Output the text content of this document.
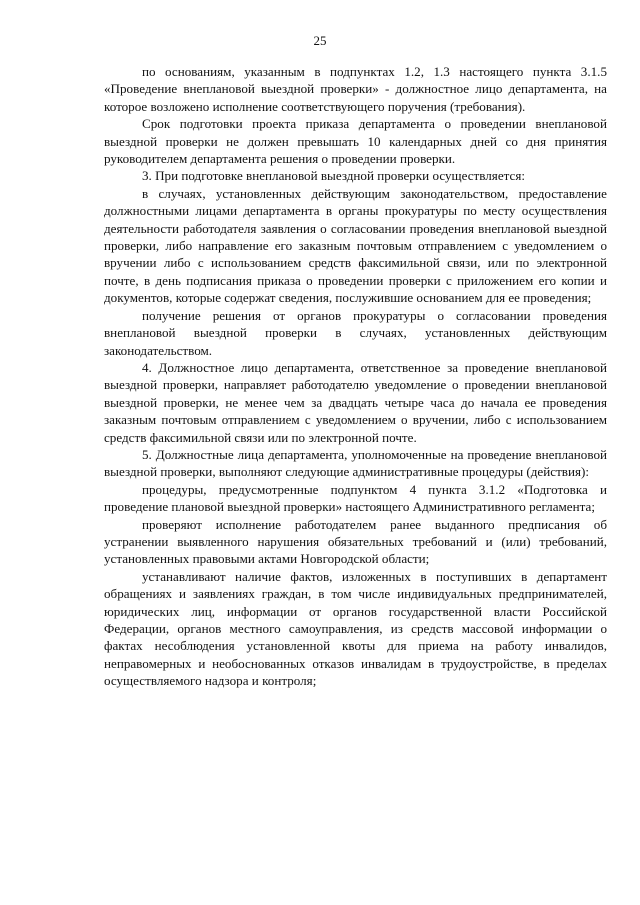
25

по основаниям, указанным в подпунктах 1.2, 1.3 настоящего пункта 3.1.5 «Проведение внеплановой выездной проверки» - должностное лицо департамента, на которое возложено исполнение соответствующего поручения (требования).

Срок подготовки проекта приказа департамента о проведении внеплановой выездной проверки не должен превышать 10 календарных дней со дня принятия руководителем департамента решения о проведении проверки.

3. При подготовке внеплановой выездной проверки осуществляется:

в случаях, установленных действующим законодательством, предоставление должностными лицами департамента в органы прокуратуры по месту осуществления деятельности работодателя заявления о согласовании проведения внеплановой выездной проверки, либо направление его заказным почтовым отправлением с уведомлением о вручении либо с использованием средств факсимильной связи, или по электронной почте, в день подписания приказа о проведении проверки с приложением его копии и документов, которые содержат сведения, послужившие основанием для ее проведения;

получение решения от органов прокуратуры о согласовании проведения внеплановой выездной проверки в случаях, установленных действующим законодательством.

4. Должностное лицо департамента, ответственное за проведение внеплановой выездной проверки, направляет работодателю уведомление о проведении внеплановой выездной проверки, не менее чем за двадцать четыре часа до начала ее проведения заказным почтовым отправлением с уведомлением о вручении, либо с использованием средств факсимильной связи или по электронной почте.

5. Должностные лица департамента, уполномоченные на проведение внеплановой выездной проверки, выполняют следующие административные процедуры (действия):

процедуры, предусмотренные подпунктом 4 пункта 3.1.2 «Подготовка и проведение плановой выездной проверки» настоящего Административного регламента;

проверяют исполнение работодателем ранее выданного предписания об устранении выявленного нарушения обязательных требований и (или) требований, установленных правовыми актами Новгородской области;

устанавливают наличие фактов, изложенных в поступивших в департамент обращениях и заявлениях граждан, в том числе индивидуальных предпринимателей, юридических лиц, информации от органов государственной власти Российской Федерации, органов местного самоуправления, из средств массовой информации о фактах несоблюдения установленной квоты для приема на работу инвалидов, неправомерных и необоснованных отказов инвалидам в трудоустройстве, в пределах осуществляемого надзора и контроля;
